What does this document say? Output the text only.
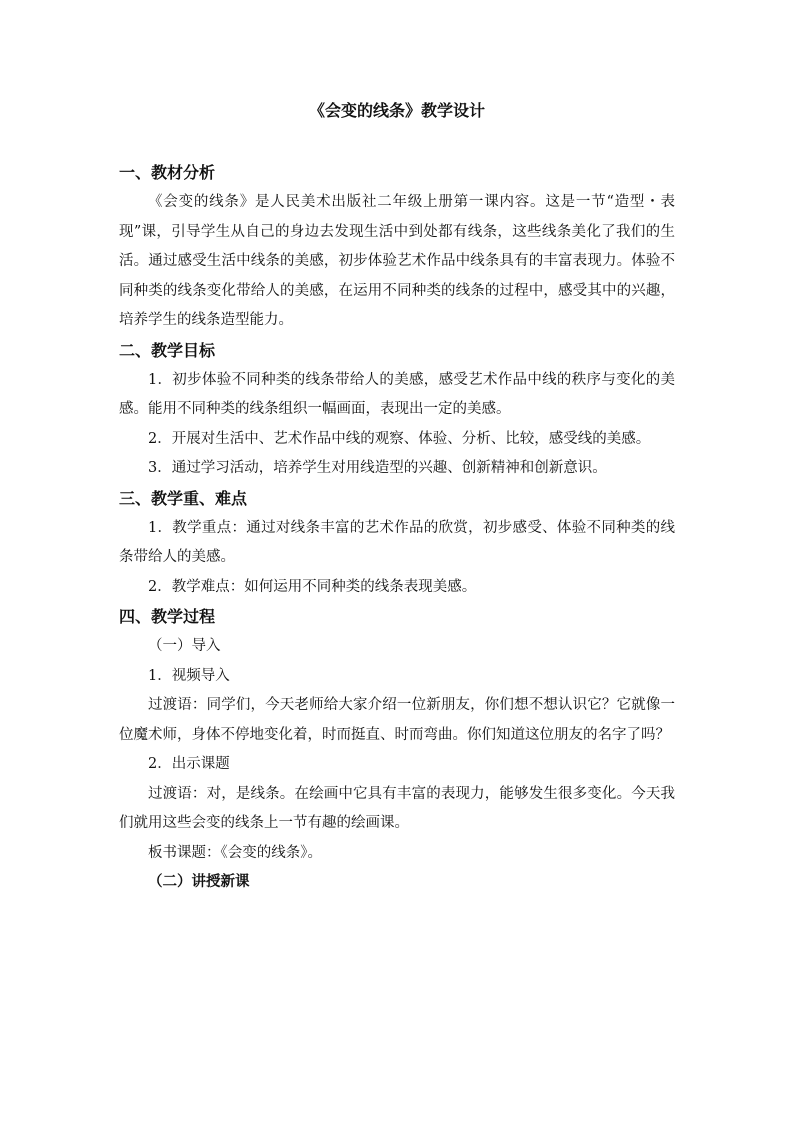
《会变的线条》教学设计
一、教材分析

《会变的线条》是人民美术出版社二年级上册第一课内容。这是一节“造型・表现”课，引导学生从自己的身边去发现生活中到处都有线条，这些线条美化了我们的生活。通过感受生活中线条的美感，初步体验艺术作品中线条具有的丰富表现力。体验不同种类的线条变化带给人的美感，在运用不同种类的线条的过程中，感受其中的兴趣，培养学生的线条造型能力。

二、教学目标

1．初步体验不同种类的线条带给人的美感，感受艺术作品中线的秩序与变化的美感。能用不同种类的线条组织一幅画面，表现出一定的美感。

2．开展对生活中、艺术作品中线的观察、体验、分析、比较，感受线的美感。

3．通过学习活动，培养学生对用线造型的兴趣、创新精神和创新意识。

三、教学重、难点

1．教学重点：通过对线条丰富的艺术作品的欣赏，初步感受、体验不同种类的线条带给人的美感。

2．教学难点：如何运用不同种类的线条表现美感。

四、教学过程
（一）导入
1．视频导入

过渡语：同学们，今天老师给大家介绍一位新朋友，你们想不想认识它？它就像一位魔术师，身体不停地变化着，时而挺直、时而弯曲。你们知道这位朋友的名字了吗？

2．出示课题

过渡语：对，是线条。在绘画中它具有丰富的表现力，能够发生很多变化。今天我们就用这些会变的线条上一节有趣的绘画课。

板书课题：《会变的线条》。

（二）讲授新课
